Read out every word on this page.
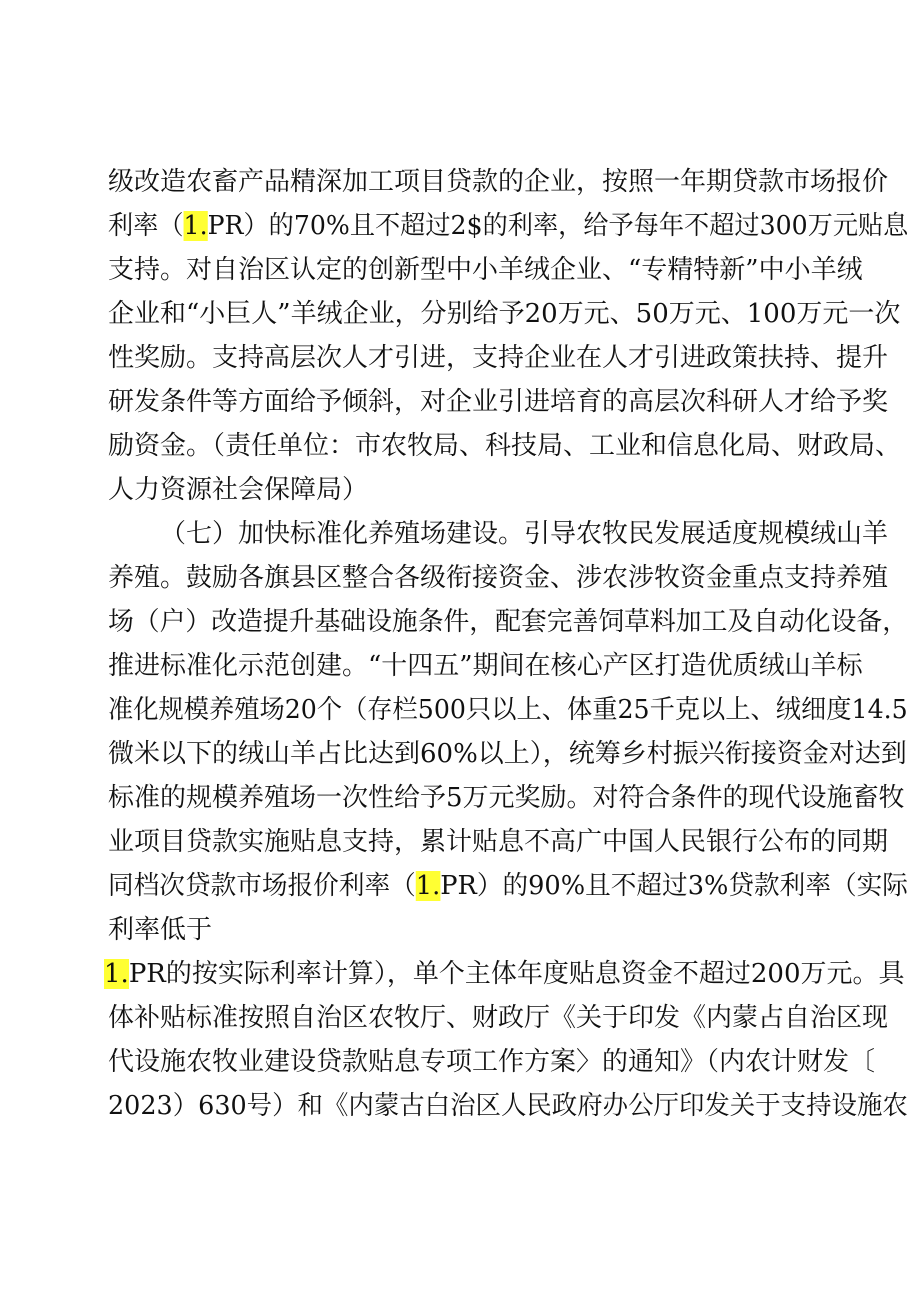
级改造农畜产品精深加工项目贷款的企业，按照一年期贷款市场报价
利率（1.PR）的70%且不超过2$的利率，给予每年不超过300万元贴息
支持。对自治区认定的创新型中小羊绒企业、“专精特新”中小羊绒
企业和“小巨人”羊绒企业，分别给予20万元、50万元、100万元一次
性奖励。支持高层次人才引进，支持企业在人才引进政策扶持、提升
研发条件等方面给予倾斜，对企业引进培育的高层次科研人才给予奖
励资金。（责任单位：市农牧局、科技局、工业和信息化局、财政局、
人力资源社会保障局）
（七）加快标准化养殖场建设。引导农牧民发展适度规模绒山羊
养殖。鼓励各旗县区整合各级衔接资金、涉农涉牧资金重点支持养殖
场（户）改造提升基础设施条件，配套完善饲草料加工及自动化设备，
推进标准化示范创建。“十四五”期间在核心产区打造优质绒山羊标
准化规模养殖场20个（存栏500只以上、体重25千克以上、绒细度14.5
微米以下的绒山羊占比达到60%以上），统筹乡村振兴衔接资金对达到
标准的规模养殖场一次性给予5万元奖励。对符合条件的现代设施畜牧
业项目贷款实施贴息支持，累计贴息不高广中国人民银行公布的同期
同档次贷款市场报价利率（1.PR）的90%且不超过3%贷款利率（实际
利率低于
1.PR的按实际利率计算），单个主体年度贴息资金不超过200万元。具
体补贴标准按照自治区农牧厅、财政厅《关于印发《内蒙占自治区现
代设施农牧业建设贷款贴息专项工作方案〉的通知》（内农计财发〔
2023）630号）和《内蒙古白治区人民政府办公厅印发关于支持设施农
